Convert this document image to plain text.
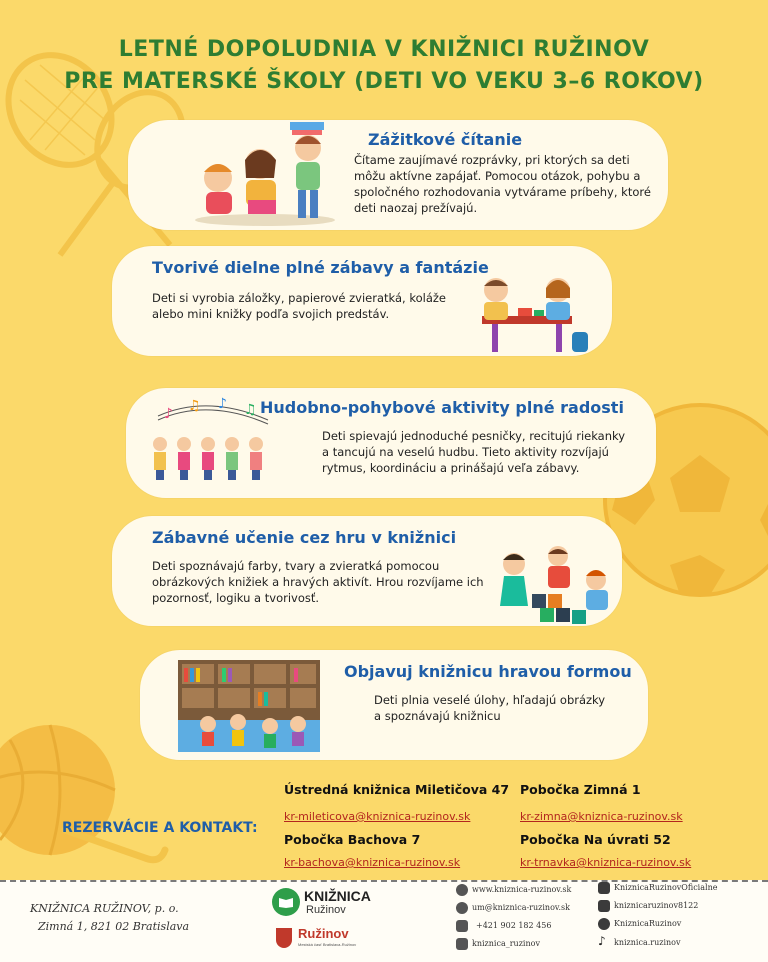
LETNÉ DOPOLUDNIA V KNIŽNICI RUŽINOV
PRE MATERSKÉ ŠKOLY (DETI VO VEKU 3–6 ROKOV)
Zážitkové čítanie

Čítame zaujímavé rozprávky, pri ktorých sa deti môžu aktívne zapájať. Pomocou otázok, pohybu a spoločného rozhodovania vytvárame príbehy, ktoré deti naozaj prežívajú.

Tvorivé dielne plné zábavy a fantázie

Deti si vyrobia záložky, papierové zvieratká, koláže alebo mini knižky podľa svojich predstáv.

♪ ♫ ♪ ♫ Hudobno-pohybové aktivity plné radosti

Deti spievajú jednoduché pesničky, recitujú riekanky a tancujú na veselú hudbu. Tieto aktivity rozvíjajú rytmus, koordináciu a prinášajú veľa zábavy.

Zábavné učenie cez hru v knižnici

Deti spoznávajú farby, tvary a zvieratká pomocou obrázkových knižiek a hravých aktivít. Hrou rozvíjame ich pozornosť, logiku a tvorivosť.

Objavuj knižnicu hravou formou

Deti plnia veselé úlohy, hľadajú obrázky a spoznávajú knižnicu

REZERVÁCIE A KONTAKT:
Ústredná knižnica Miletičova 47
kr-mileticova@kniznica-ruzinov.sk
Pobočka Bachova 7
kr-bachova@kniznica-ruzinov.sk
Pobočka Zimná 1
kr-zimna@kniznica-ruzinov.sk
Pobočka Na úvrati 52
kr-trnavka@kniznica-ruzinov.sk
KNIŽNICA RUŽINOV, p. o.
Zimná 1, 821 02 Bratislava
KNIŽNICA
Ružinov
Ružinov
Mestská časť Bratislava-Ružinov
www.kniznica-ruzinov.sk
um@kniznica-ruzinov.sk
+421 902 182 456
kniznica_ruzinov
KniznicaRuzinovOficialne
kniznicaruzinov8122
KniznicaRuzinov
♪ kniznica.ruzinov
